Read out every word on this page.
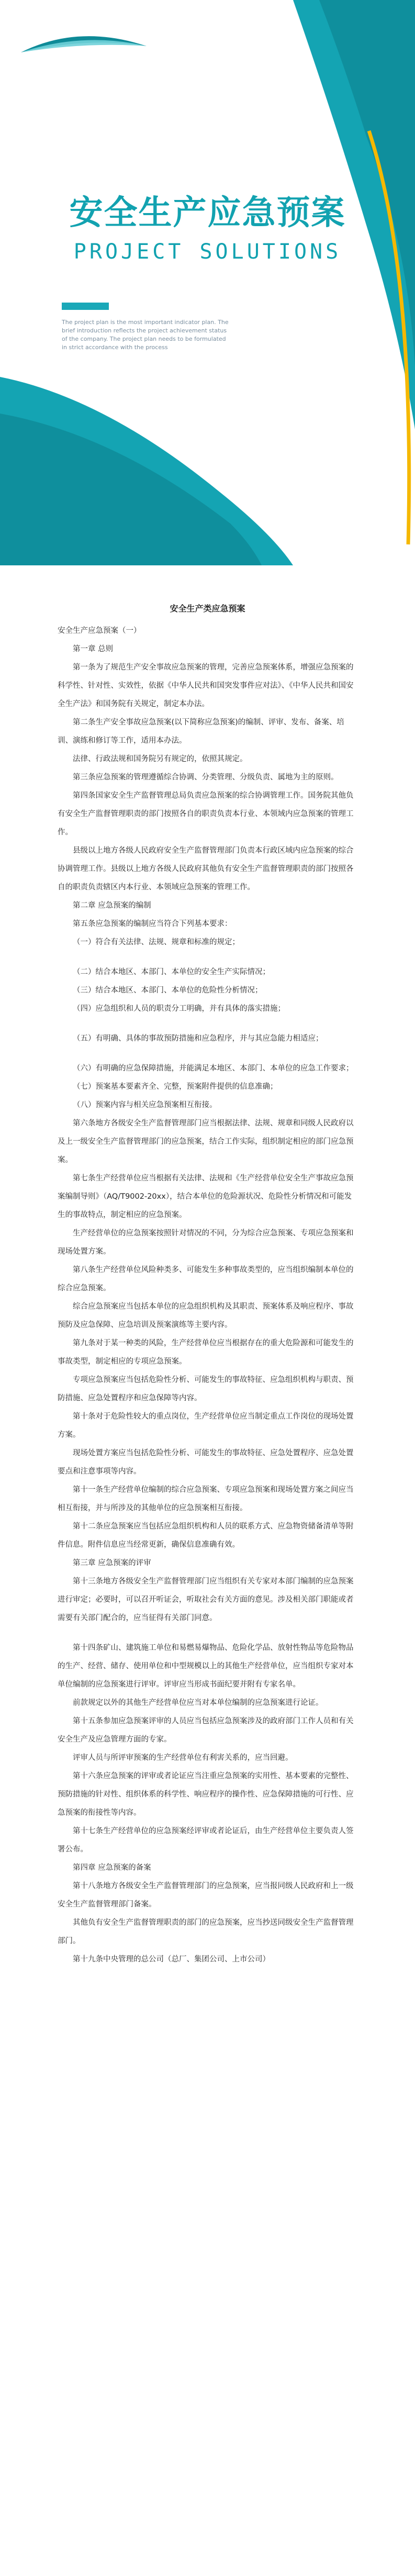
安全生产应急预案
PROJECT SOLUTIONS
The project plan is the most important indicator plan. The brief introduction reflects the project achievement status of the company. The project plan needs to be formulated in strict accordance with the process

安全生产类应急预案

安全生产应急预案（一）

第一章 总则

第一条为了规范生产安全事故应急预案的管理，完善应急预案体系，增强应急预案的科学性、针对性、实效性，依据《中华人民共和国突发事件应对法》、《中华人民共和国安全生产法》和国务院有关规定，制定本办法。

第二条生产安全事故应急预案(以下简称应急预案)的编制、评审、发布、备案、培训、演练和修订等工作，适用本办法。

法律、行政法规和国务院另有规定的，依照其规定。

第三条应急预案的管理遵循综合协调、分类管理、分级负责、属地为主的原则。

第四条国家安全生产监督管理总局负责应急预案的综合协调管理工作。国务院其他负有安全生产监督管理职责的部门按照各自的职责负责本行业、本领域内应急预案的管理工作。

县级以上地方各级人民政府安全生产监督管理部门负责本行政区域内应急预案的综合协调管理工作。县级以上地方各级人民政府其他负有安全生产监督管理职责的部门按照各自的职责负责辖区内本行业、本领域应急预案的管理工作。

第二章 应急预案的编制

第五条应急预案的编制应当符合下列基本要求：

（一）符合有关法律、法规、规章和标准的规定；

（二）结合本地区、本部门、本单位的安全生产实际情况；

（三）结合本地区、本部门、本单位的危险性分析情况；

（四）应急组织和人员的职责分工明确，并有具体的落实措施；

（五）有明确、具体的事故预防措施和应急程序，并与其应急能力相适应；

（六）有明确的应急保障措施，并能满足本地区、本部门、本单位的应急工作要求；

（七）预案基本要素齐全、完整，预案附件提供的信息准确；

（八）预案内容与相关应急预案相互衔接。

第六条地方各级安全生产监督管理部门应当根据法律、法规、规章和同级人民政府以及上一级安全生产监督管理部门的应急预案，结合工作实际，组织制定相应的部门应急预案。

第七条生产经营单位应当根据有关法律、法规和《生产经营单位安全生产事故应急预案编制导则》（AQ/T9002-20xx），结合本单位的危险源状况、危险性分析情况和可能发生的事故特点，制定相应的应急预案。

生产经营单位的应急预案按照针对情况的不同，分为综合应急预案、专项应急预案和现场处置方案。

第八条生产经营单位风险种类多、可能发生多种事故类型的，应当组织编制本单位的综合应急预案。

综合应急预案应当包括本单位的应急组织机构及其职责、预案体系及响应程序、事故预防及应急保障、应急培训及预案演练等主要内容。

第九条对于某一种类的风险，生产经营单位应当根据存在的重大危险源和可能发生的事故类型，制定相应的专项应急预案。

专项应急预案应当包括危险性分析、可能发生的事故特征、应急组织机构与职责、预防措施、应急处置程序和应急保障等内容。

第十条对于危险性较大的重点岗位，生产经营单位应当制定重点工作岗位的现场处置方案。

现场处置方案应当包括危险性分析、可能发生的事故特征、应急处置程序、应急处置要点和注意事项等内容。

第十一条生产经营单位编制的综合应急预案、专项应急预案和现场处置方案之间应当相互衔接，并与所涉及的其他单位的应急预案相互衔接。

第十二条应急预案应当包括应急组织机构和人员的联系方式、应急物资储备清单等附件信息。附件信息应当经常更新，确保信息准确有效。

第三章 应急预案的评审

第十三条地方各级安全生产监督管理部门应当组织有关专家对本部门编制的应急预案进行审定；必要时，可以召开听证会，听取社会有关方面的意见。涉及相关部门职能或者需要有关部门配合的，应当征得有关部门同意。

第十四条矿山、建筑施工单位和易燃易爆物品、危险化学品、放射性物品等危险物品的生产、经营、储存、使用单位和中型规模以上的其他生产经营单位，应当组织专家对本单位编制的应急预案进行评审。评审应当形成书面纪要并附有专家名单。

前款规定以外的其他生产经营单位应当对本单位编制的应急预案进行论证。

第十五条参加应急预案评审的人员应当包括应急预案涉及的政府部门工作人员和有关安全生产及应急管理方面的专家。

评审人员与所评审预案的生产经营单位有利害关系的，应当回避。

第十六条应急预案的评审或者论证应当注重应急预案的实用性、基本要素的完整性、预防措施的针对性、组织体系的科学性、响应程序的操作性、应急保障措施的可行性、应急预案的衔接性等内容。

第十七条生产经营单位的应急预案经评审或者论证后，由生产经营单位主要负责人签署公布。

第四章 应急预案的备案

第十八条地方各级安全生产监督管理部门的应急预案，应当报同级人民政府和上一级安全生产监督管理部门备案。

其他负有安全生产监督管理职责的部门的应急预案，应当抄送同级安全生产监督管理部门。

第十九条中央管理的总公司（总厂、集团公司、上市公司）
